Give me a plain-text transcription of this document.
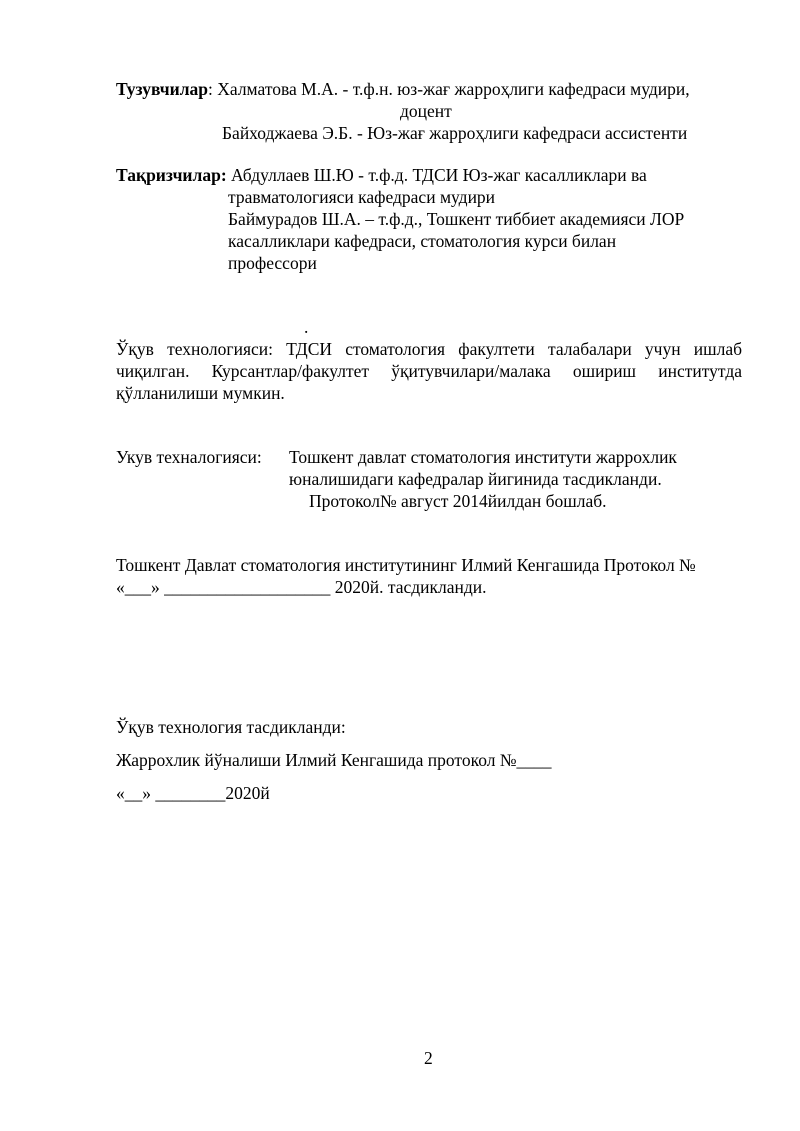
Тузувчилар: Халматова М.А. - т.ф.н. юз-жағ жарроҳлиги кафедраси мудири,
доцент
Байходжаева Э.Б. - Юз-жағ жарроҳлиги кафедраси ассистенти
Тақризчилар: Абдуллаев Ш.Ю - т.ф.д. ТДСИ Юз-жаг касалликлари ва
травматологияси кафедраси мудири
Баймурадов Ш.А. – т.ф.д., Тошкент тиббиет академияси ЛОР
касалликлари кафедраси, стоматология курси билан
профессори
.
Ўқув технологияси: ТДСИ стоматология факултети талабалари учун ишлаб
чиқилган. Курсантлар/факултет ўқитувчилари/малака ошириш институтда
қўлланилиши мумкин.
Укув техналогияси: Тошкент давлат стоматология институти жаррохлик
юналишидаги кафедралар йигинида тасдикланди.
Протокол№ август 2014йилдан бошлаб.
Тошкент Давлат стоматология институтининг Илмий Кенгашида Протокол №
«___» ___________________ 2020й. тасдикланди.
Ўқув технология тасдикланди:
Жаррохлик йўналиши Илмий Кенгашида протокол №____
«__» ________2020й
2
